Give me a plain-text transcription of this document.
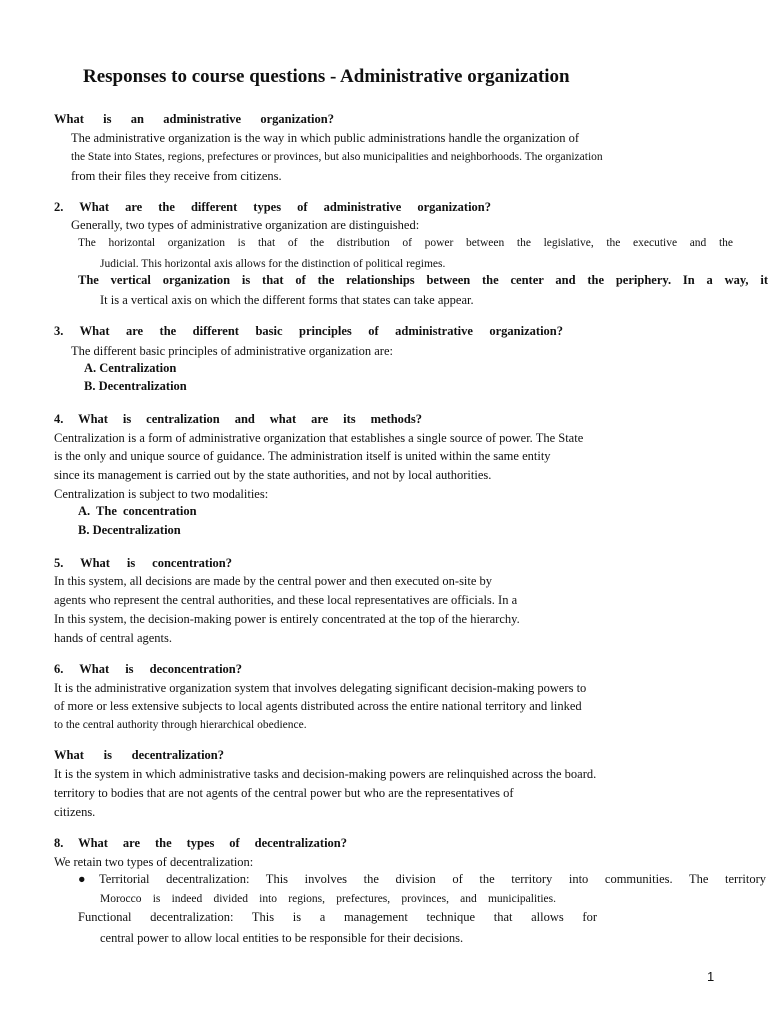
Responses to course questions - Administrative organization
What is an administrative organization?
The administrative organization is the way in which public administrations handle the organization of
the State into States, regions, prefectures or provinces, but also municipalities and neighborhoods. The organization
from their files they receive from citizens.
2. What are the different types of administrative organization?
Generally, two types of administrative organization are distinguished:
The horizontal organization is that of the distribution of power between the legislative, the executive and the
Judicial. This horizontal axis allows for the distinction of political regimes.
The vertical organization is that of the relationships between the center and the periphery. In a way, it
It is a vertical axis on which the different forms that states can take appear.
3. What are the different basic principles of administrative organization?
The different basic principles of administrative organization are:
A. Centralization
B. Decentralization
4. What is centralization and what are its methods?
Centralization is a form of administrative organization that establishes a single source of power. The State
is the only and unique source of guidance. The administration itself is united within the same entity
since its management is carried out by the state authorities, and not by local authorities.
Centralization is subject to two modalities:
A. The concentration
B. Decentralization
5. What is concentration?
In this system, all decisions are made by the central power and then executed on-site by
agents who represent the central authorities, and these local representatives are officials. In a
In this system, the decision-making power is entirely concentrated at the top of the hierarchy.
hands of central agents.
6. What is deconcentration?
It is the administrative organization system that involves delegating significant decision-making powers to
of more or less extensive subjects to local agents distributed across the entire national territory and linked
to the central authority through hierarchical obedience.
What is decentralization?
It is the system in which administrative tasks and decision-making powers are relinquished across the board.
territory to bodies that are not agents of the central power but who are the representatives of
citizens.
8. What are the types of decentralization?
We retain two types of decentralization:
●Territorial decentralization: This involves the division of the territory into communities. The territory
Morocco is indeed divided into regions, prefectures, provinces, and municipalities.
Functional decentralization: This is a management technique that allows for
central power to allow local entities to be responsible for their decisions.
1
